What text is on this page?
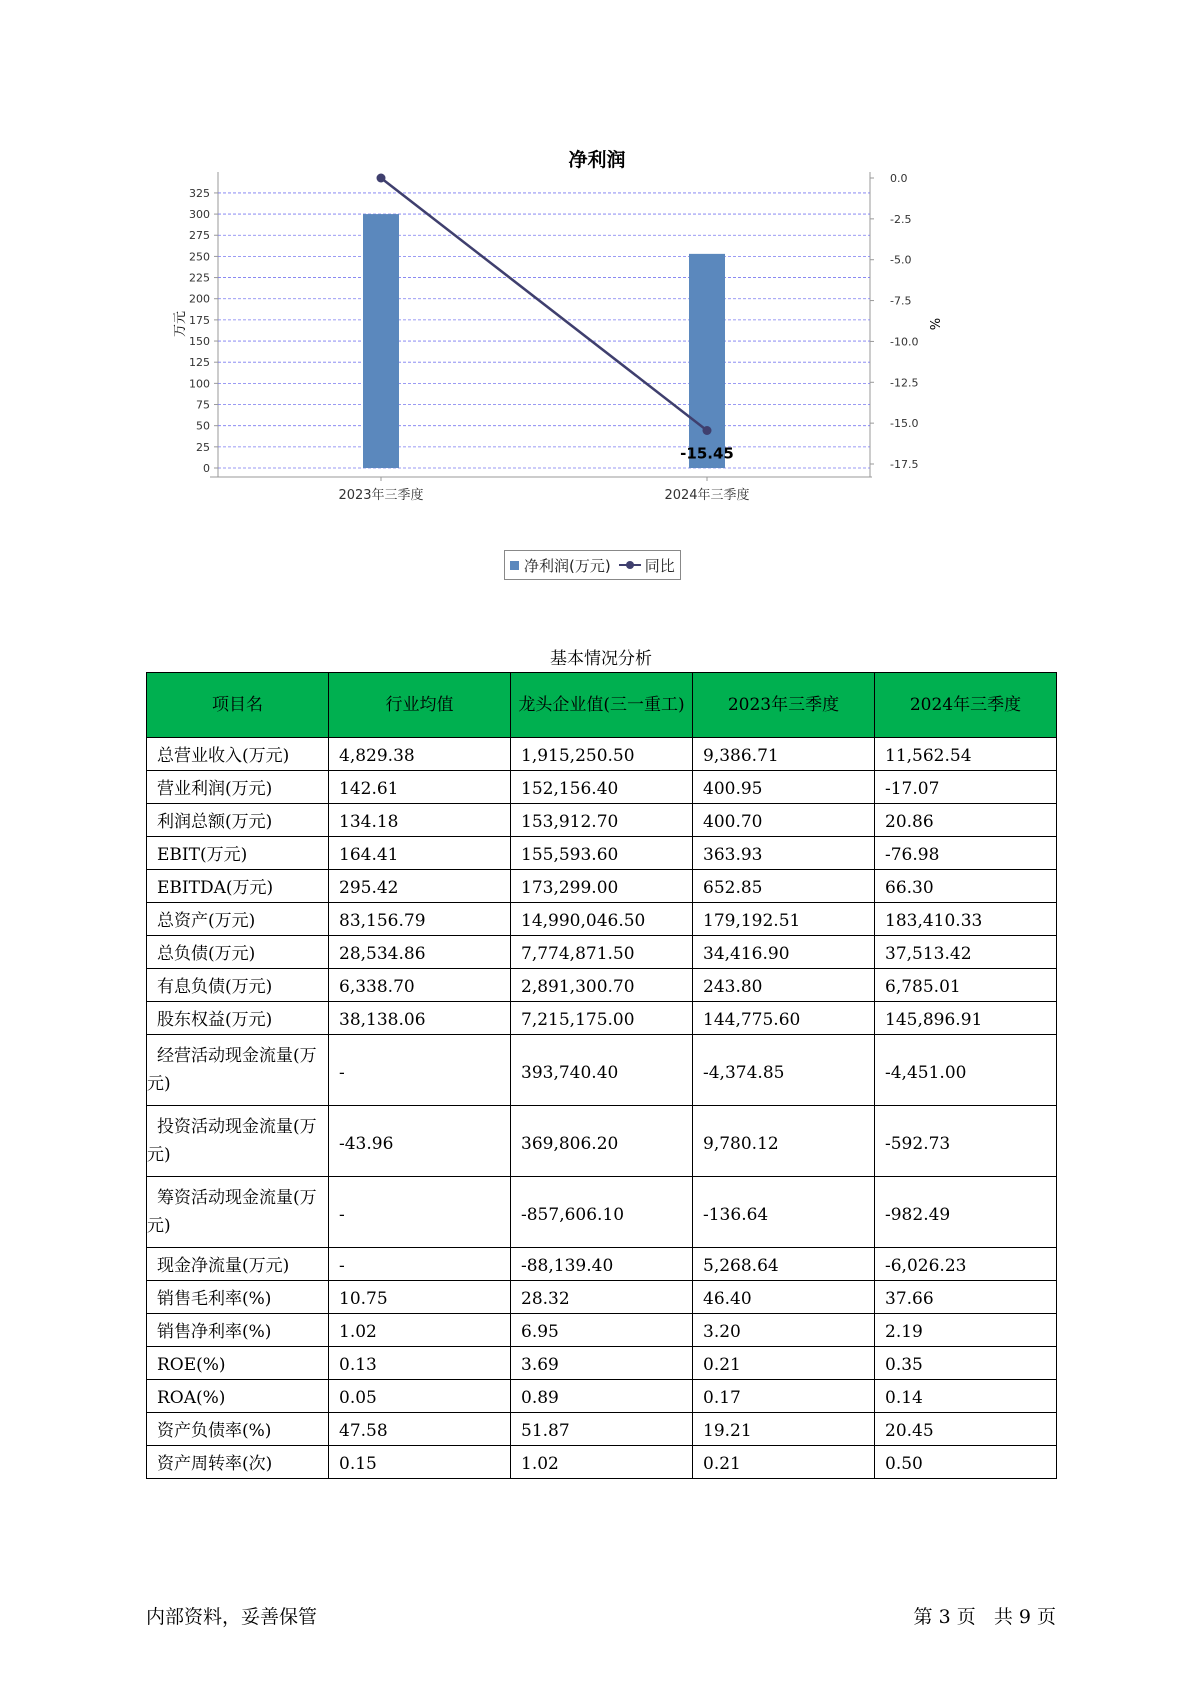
净利润
0
25
50
75
100
125
150
175
200
225
250
275
300
325
0.0
-2.5
-5.0
-7.5
-10.0
-12.5
-15.0
-17.5
万元	%
2023年三季度	2024年三季度
-15.45
净利润(万元) 同比
基本情况分析
项目名	行业均值	龙头企业值(三一重工)	2023年三季度	2024年三季度
总营业收入(万元)	4,829.38	1,915,250.50	9,386.71	11,562.54
营业利润(万元)	142.61	152,156.40	400.95	-17.07
利润总额(万元)	134.18	153,912.70	400.70	20.86
EBIT(万元)	164.41	155,593.60	363.93	-76.98
EBITDA(万元)	295.42	173,299.00	652.85	66.30
总资产(万元)	83,156.79	14,990,046.50	179,192.51	183,410.33
总负债(万元)	28,534.86	7,774,871.50	34,416.90	37,513.42
有息负债(万元)	6,338.70	2,891,300.70	243.80	6,785.01
股东权益(万元)	38,138.06	7,215,175.00	144,775.60	145,896.91
经营活动现金流量(万元)	-	393,740.40	-4,374.85	-4,451.00
投资活动现金流量(万元)	-43.96	369,806.20	9,780.12	-592.73
筹资活动现金流量(万元)	-	-857,606.10	-136.64	-982.49
现金净流量(万元)	-	-88,139.40	5,268.64	-6,026.23
销售毛利率(%)	10.75	28.32	46.40	37.66
销售净利率(%)	1.02	6.95	3.20	2.19
ROE(%)	0.13	3.69	0.21	0.35
ROA(%)	0.05	0.89	0.17	0.14
资产负债率(%)	47.58	51.87	19.21	20.45
资产周转率(次)	0.15	1.02	0.21	0.50
内部资料，妥善保管	第 3 页   共 9 页
